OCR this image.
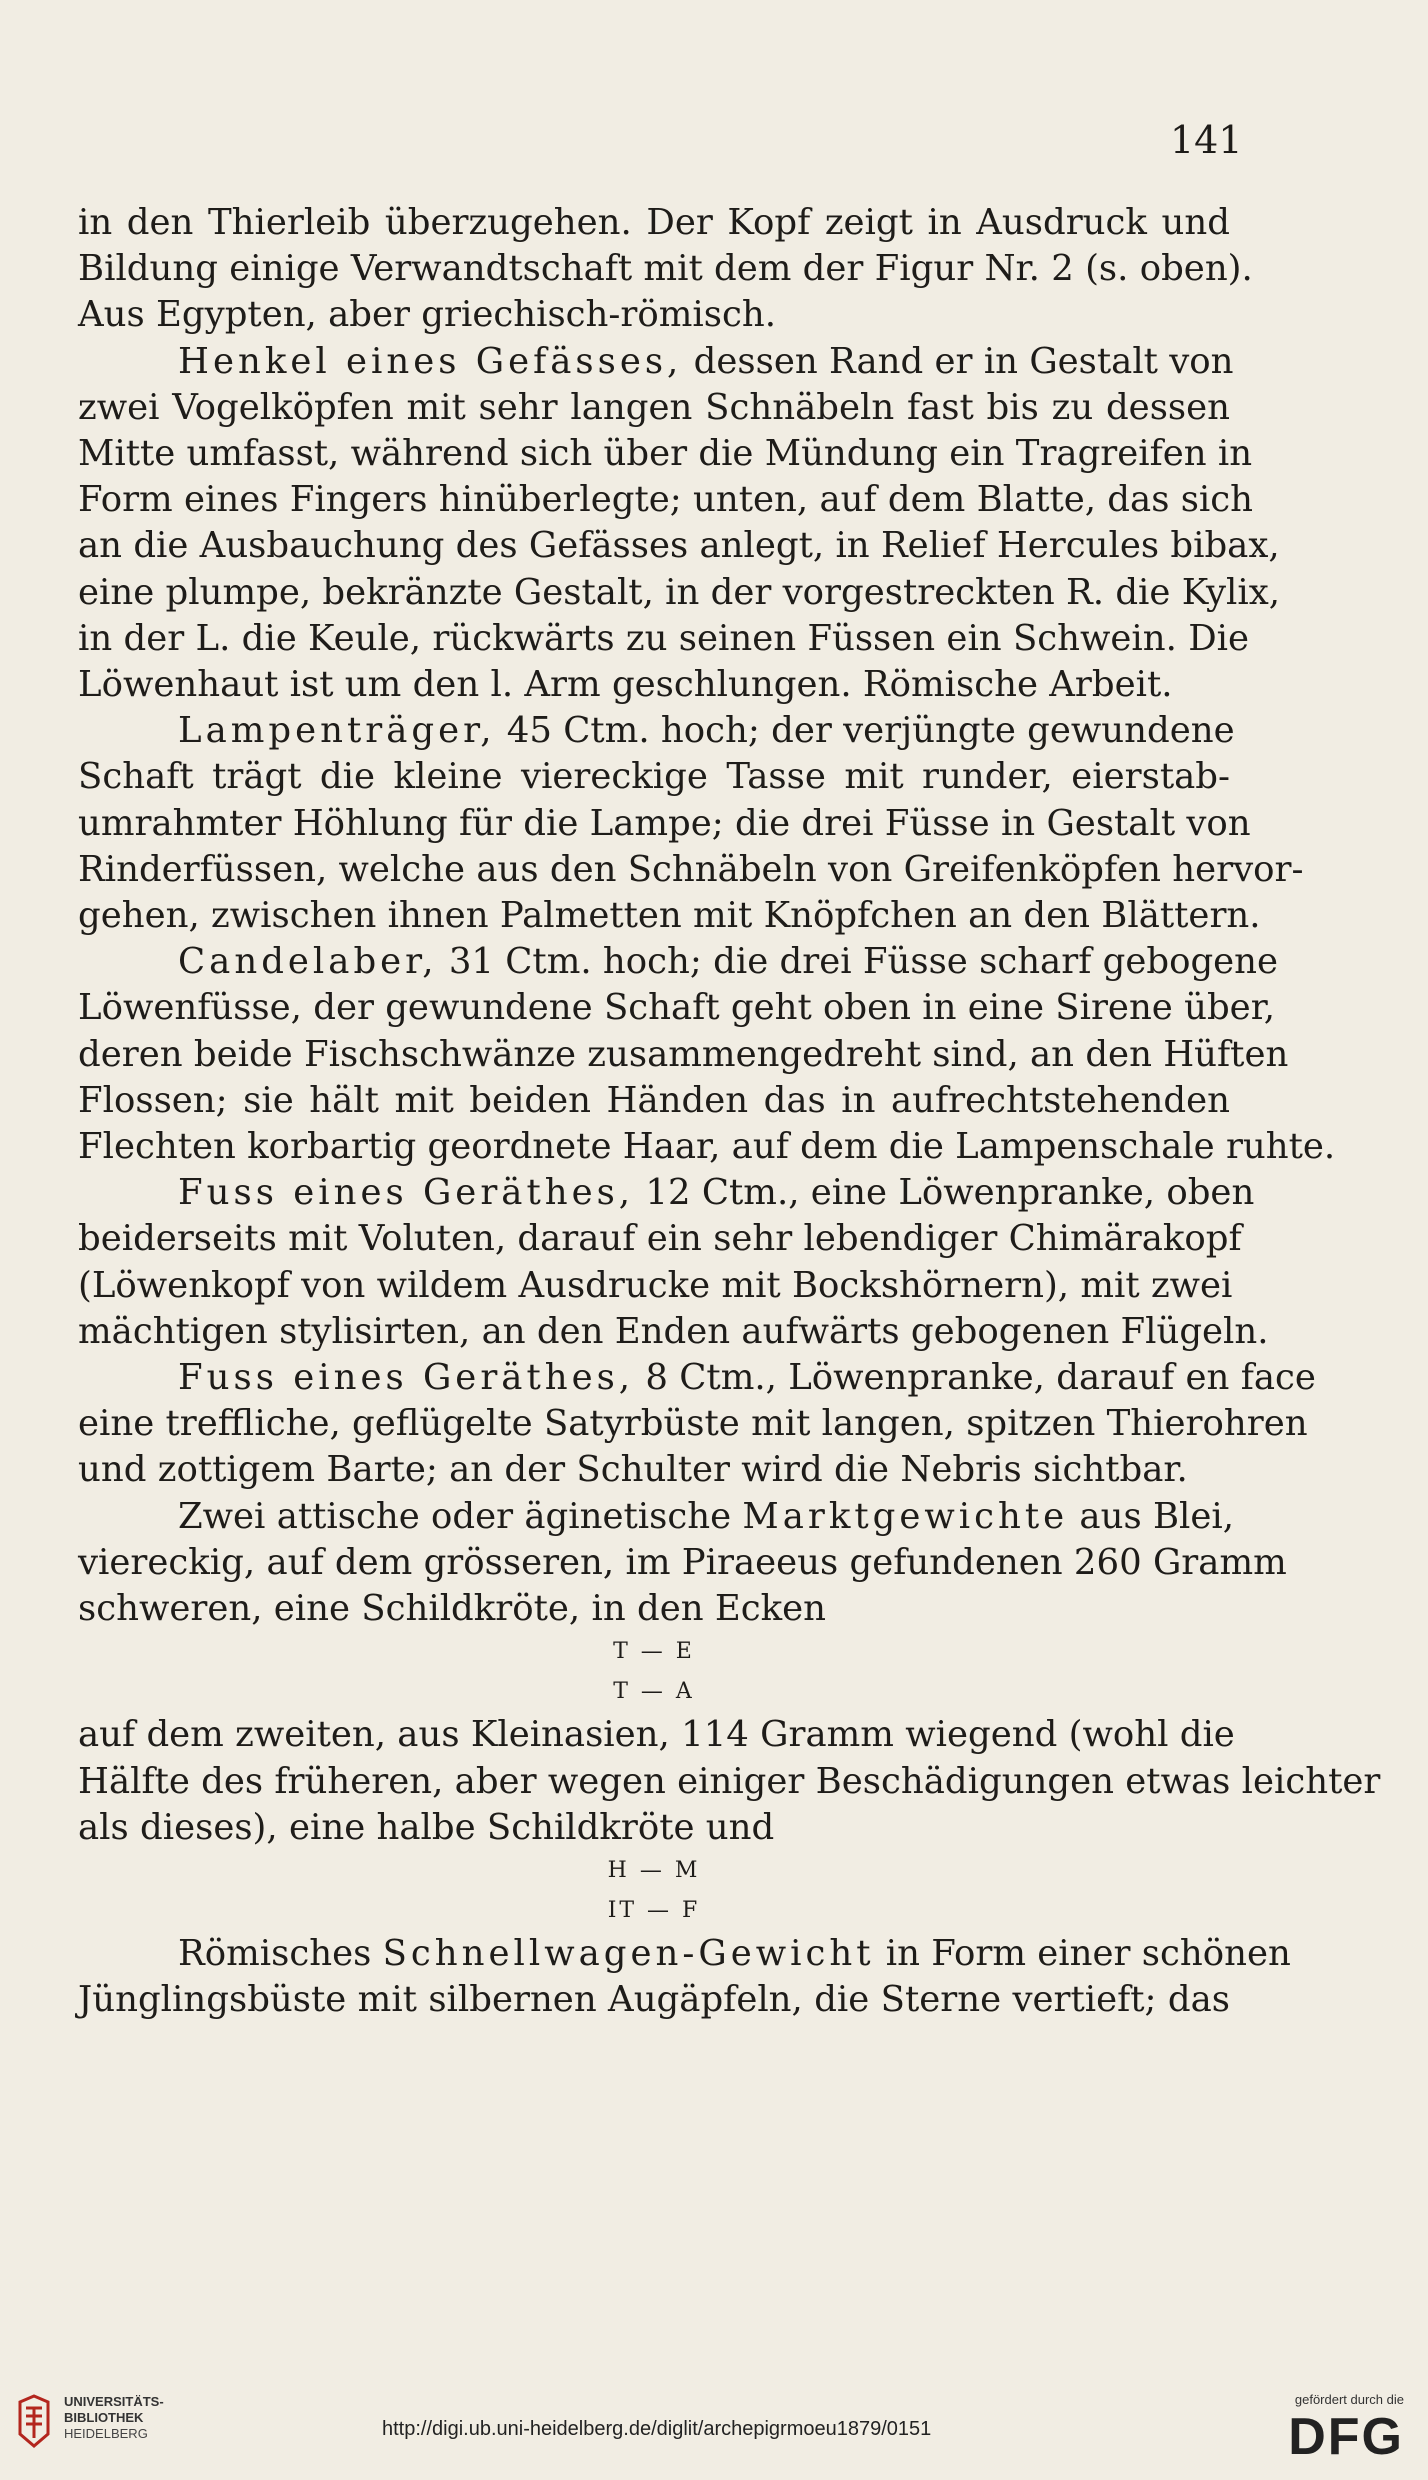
141
in den Thierleib überzugehen. Der Kopf zeigt in Ausdruck und
Bildung einige Verwandtschaft mit dem der Figur Nr. 2 (s. oben).
Aus Egypten, aber griechisch-römisch.
Henkel eines Gefässes, dessen Rand er in Gestalt von
zwei Vogelköpfen mit sehr langen Schnäbeln fast bis zu dessen
Mitte umfasst, während sich über die Mündung ein Tragreifen in
Form eines Fingers hinüberlegte; unten, auf dem Blatte, das sich
an die Ausbauchung des Gefässes anlegt, in Relief Hercules bibax,
eine plumpe, bekränzte Gestalt, in der vorgestreckten R. die Kylix,
in der L. die Keule, rückwärts zu seinen Füssen ein Schwein. Die
Löwenhaut ist um den l. Arm geschlungen. Römische Arbeit.
Lampenträger, 45 Ctm. hoch; der verjüngte gewundene
Schaft trägt die kleine viereckige Tasse mit runder, eierstab-
umrahmter Höhlung für die Lampe; die drei Füsse in Gestalt von
Rinderfüssen, welche aus den Schnäbeln von Greifenköpfen hervor-
gehen, zwischen ihnen Palmetten mit Knöpfchen an den Blättern.
Candelaber, 31 Ctm. hoch; die drei Füsse scharf gebogene
Löwenfüsse, der gewundene Schaft geht oben in eine Sirene über,
deren beide Fischschwänze zusammengedreht sind, an den Hüften
Flossen; sie hält mit beiden Händen das in aufrechtstehenden
Flechten korbartig geordnete Haar, auf dem die Lampenschale ruhte.
Fuss eines Geräthes, 12 Ctm., eine Löwenpranke, oben
beiderseits mit Voluten, darauf ein sehr lebendiger Chimärakopf
(Löwenkopf von wildem Ausdrucke mit Bockshörnern), mit zwei
mächtigen stylisirten, an den Enden aufwärts gebogenen Flügeln.
Fuss eines Geräthes, 8 Ctm., Löwenpranke, darauf en face
eine treffliche, geflügelte Satyrbüste mit langen, spitzen Thierohren
und zottigem Barte; an der Schulter wird die Nebris sichtbar.
Zwei attische oder äginetische Marktgewichte aus Blei,
viereckig, auf dem grösseren, im Piraeeus gefundenen 260 Gramm
schweren, eine Schildkröte, in den Ecken
T — E
T — A
auf dem zweiten, aus Kleinasien, 114 Gramm wiegend (wohl die
Hälfte des früheren, aber wegen einiger Beschädigungen etwas leichter
als dieses), eine halbe Schildkröte und
H — M
IT — F
Römisches Schnellwagen-Gewicht in Form einer schönen
Jünglingsbüste mit silbernen Augäpfeln, die Sterne vertieft; das
UNIVERSITÄTS-
BIBLIOTHEK
HEIDELBERG	http://digi.ub.uni-heidelberg.de/diglit/archepigrmoeu1879/0151
gefördert durch die
DFG
